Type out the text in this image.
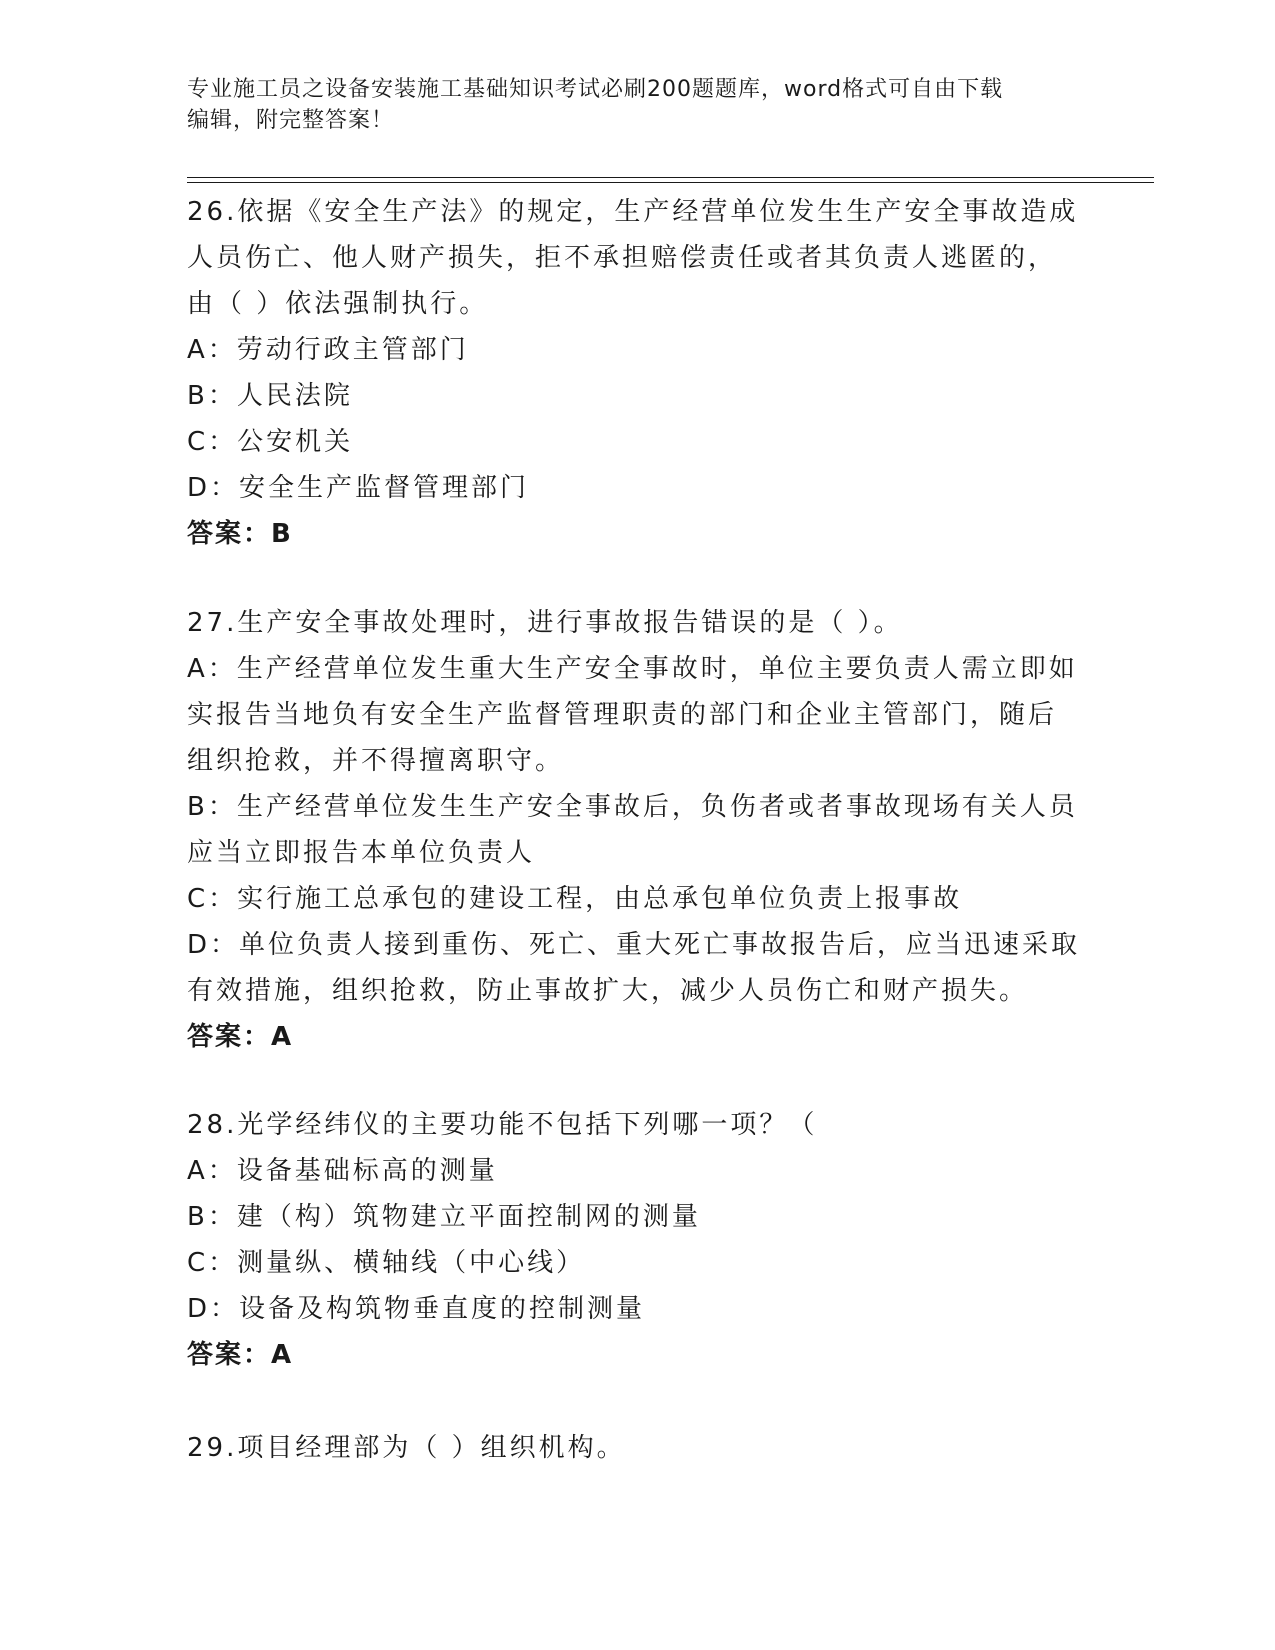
专业施工员之设备安装施工基础知识考试必刷200题题库，word格式可自由下载
编辑，附完整答案！
26.依据《安全生产法》的规定，生产经营单位发生生产安全事故造成
人员伤亡、他人财产损失，拒不承担赔偿责任或者其负责人逃匿的，
由（ ）依法强制执行。
A：劳动行政主管部门
B：人民法院
C：公安机关
D：安全生产监督管理部门
答案：B
27.生产安全事故处理时，进行事故报告错误的是（ ）。
A：生产经营单位发生重大生产安全事故时，单位主要负责人需立即如
实报告当地负有安全生产监督管理职责的部门和企业主管部门，随后
组织抢救，并不得擅离职守。
B：生产经营单位发生生产安全事故后，负伤者或者事故现场有关人员
应当立即报告本单位负责人
C：实行施工总承包的建设工程，由总承包单位负责上报事故
D：单位负责人接到重伤、死亡、重大死亡事故报告后，应当迅速采取
有效措施，组织抢救，防止事故扩大，减少人员伤亡和财产损失。
答案：A
28.光学经纬仪的主要功能不包括下列哪一项？（
A：设备基础标高的测量
B：建（构）筑物建立平面控制网的测量
C：测量纵、横轴线（中心线）
D：设备及构筑物垂直度的控制测量
答案：A
29.项目经理部为（ ）组织机构。
